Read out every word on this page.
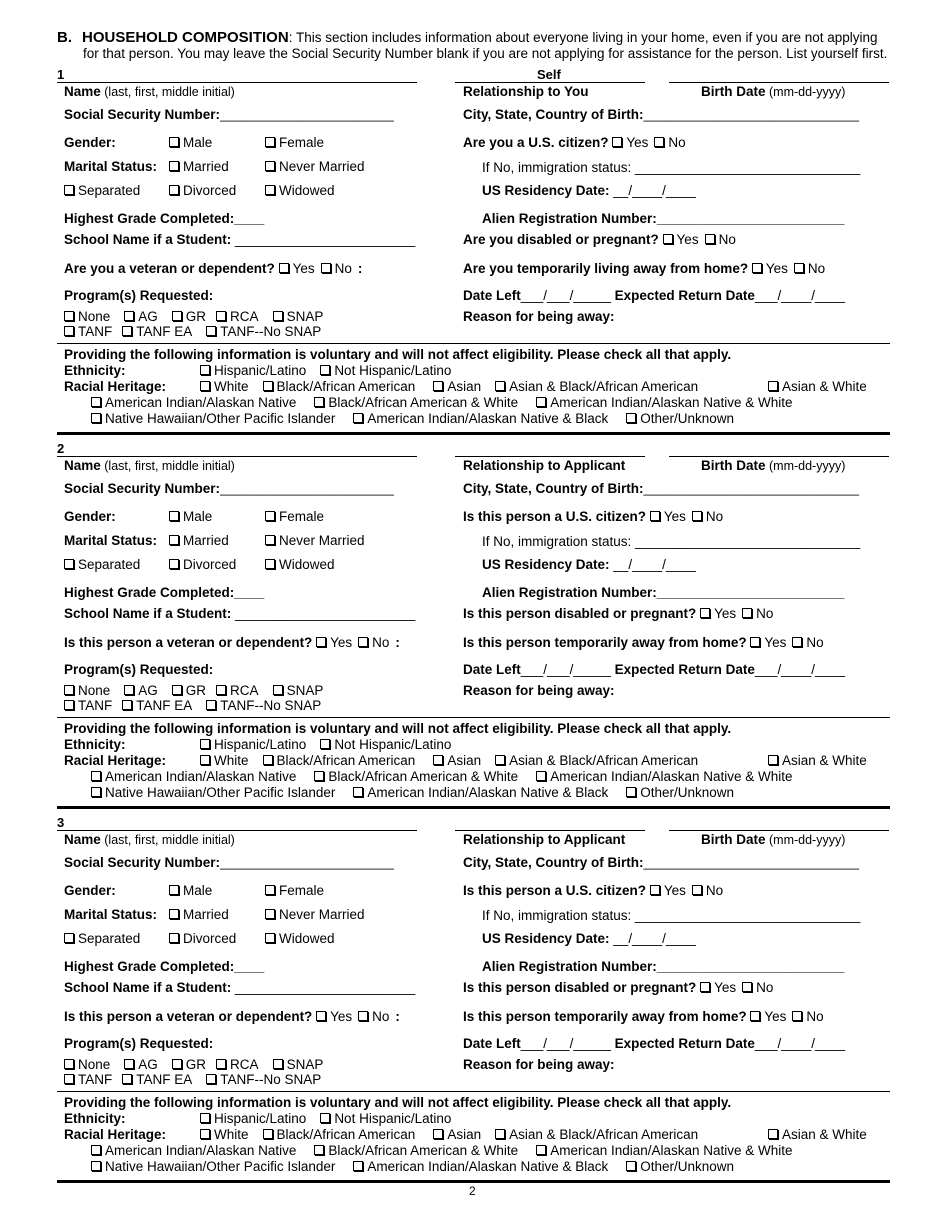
B. HOUSEHOLD COMPOSITION: This section includes information about everyone living in your home, even if you are not applying
for that person. You may leave the Social Security Number blank if you are not applying for assistance for the person. List yourself first.
1	Self
Name (last, first, middle initial)	Relationship to You	Birth Date (mm-dd-yyyy)
Social Security Number:_________________________	City, State, Country of Birth:_______________________________
Gender:	Male	Female	Are you a U.S. citizen? Yes No
Marital Status:	Married	Never Married	If No, immigration status: ______________________________
Separated	Divorced	Widowed	US Residency Date: __/____/____
Highest Grade Completed:____	Alien Registration Number:_________________________
School Name if a Student: ________________________	Are you disabled or pregnant? Yes No
Are you a veteran or dependent? Yes No :	Are you temporarily living away from home? Yes No
Program(s) Requested:	Date Left___/___/_____ Expected Return Date___/____/____
None AG GR RCA SNAP	Reason for being away:
TANF TANF EA TANF--No SNAP
Providing the following information is voluntary and will not affect eligibility. Please check all that apply.
Ethnicity:	Hispanic/Latino Not Hispanic/Latino
Racial Heritage:	White Black/African American Asian Asian & Black/African American	Asian & White
American Indian/Alaskan Native Black/African American & White American Indian/Alaskan Native & White
Native Hawaiian/Other Pacific Islander American Indian/Alaskan Native & Black Other/Unknown
2
Name (last, first, middle initial)	Relationship to Applicant	Birth Date (mm-dd-yyyy)
Social Security Number:_________________________	City, State, Country of Birth:_______________________________
Gender:	Male	Female	Is this person a U.S. citizen? Yes No
Marital Status:	Married	Never Married	If No, immigration status: ______________________________
Separated	Divorced	Widowed	US Residency Date: __/____/____
Highest Grade Completed:____	Alien Registration Number:_________________________
School Name if a Student: ________________________	Is this person disabled or pregnant? Yes No
Is this person a veteran or dependent? Yes No :	Is this person temporarily away from home? Yes No
Program(s) Requested:	Date Left___/___/_____ Expected Return Date___/____/____
None AG GR RCA SNAP	Reason for being away:
TANF TANF EA TANF--No SNAP
Providing the following information is voluntary and will not affect eligibility. Please check all that apply.
Ethnicity:	Hispanic/Latino Not Hispanic/Latino
Racial Heritage:	White Black/African American Asian Asian & Black/African American	Asian & White
American Indian/Alaskan Native Black/African American & White American Indian/Alaskan Native & White
Native Hawaiian/Other Pacific Islander American Indian/Alaskan Native & Black Other/Unknown
3
Name (last, first, middle initial)	Relationship to Applicant	Birth Date (mm-dd-yyyy)
Social Security Number:_________________________	City, State, Country of Birth:_______________________________
Gender:	Male	Female	Is this person a U.S. citizen? Yes No
Marital Status:	Married	Never Married	If No, immigration status: ______________________________
Separated	Divorced	Widowed	US Residency Date: __/____/____
Highest Grade Completed:____	Alien Registration Number:_________________________
School Name if a Student: ________________________	Is this person disabled or pregnant? Yes No
Is this person a veteran or dependent? Yes No :	Is this person temporarily away from home? Yes No
Program(s) Requested:	Date Left___/___/_____ Expected Return Date___/____/____
None AG GR RCA SNAP	Reason for being away:
TANF TANF EA TANF--No SNAP
Providing the following information is voluntary and will not affect eligibility. Please check all that apply.
Ethnicity:	Hispanic/Latino Not Hispanic/Latino
Racial Heritage:	White Black/African American Asian Asian & Black/African American	Asian & White
American Indian/Alaskan Native Black/African American & White American Indian/Alaskan Native & White
Native Hawaiian/Other Pacific Islander American Indian/Alaskan Native & Black Other/Unknown
2
